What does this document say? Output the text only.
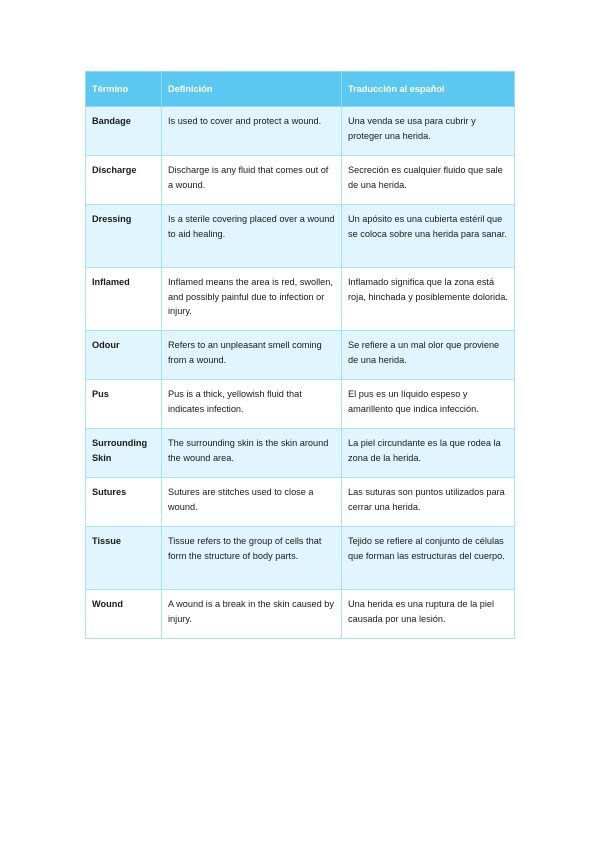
Término	Definición	Traducción al español
Bandage	Is used to cover and protect a wound.	Una venda se usa para cubrir y proteger una herida.
Discharge	Discharge is any fluid that comes out of a wound.	Secreción es cualquier fluido que sale de una herida.
Dressing	Is a sterile covering placed over a wound to aid healing.	Un apósito es una cubierta estéril que se coloca sobre una herida para sanar.
Inflamed	Inflamed means the area is red, swollen, and possibly painful due to infection or injury.	Inflamado significa que la zona está roja, hinchada y posiblemente dolorida.
Odour	Refers to an unpleasant smell coming from a wound.	Se refiere a un mal olor que proviene de una herida.
Pus	Pus is a thick, yellowish fluid that indicates infection.	El pus es un líquido espeso y amarillento que indica infección.
Surrounding Skin	The surrounding skin is the skin around the wound area.	La piel circundante es la que rodea la zona de la herida.
Sutures	Sutures are stitches used to close a wound.	Las suturas son puntos utilizados para cerrar una herida.
Tissue	Tissue refers to the group of cells that form the structure of body parts.	Tejido se refiere al conjunto de células que forman las estructuras del cuerpo.
Wound	A wound is a break in the skin caused by injury.	Una herida es una ruptura de la piel causada por una lesión.
